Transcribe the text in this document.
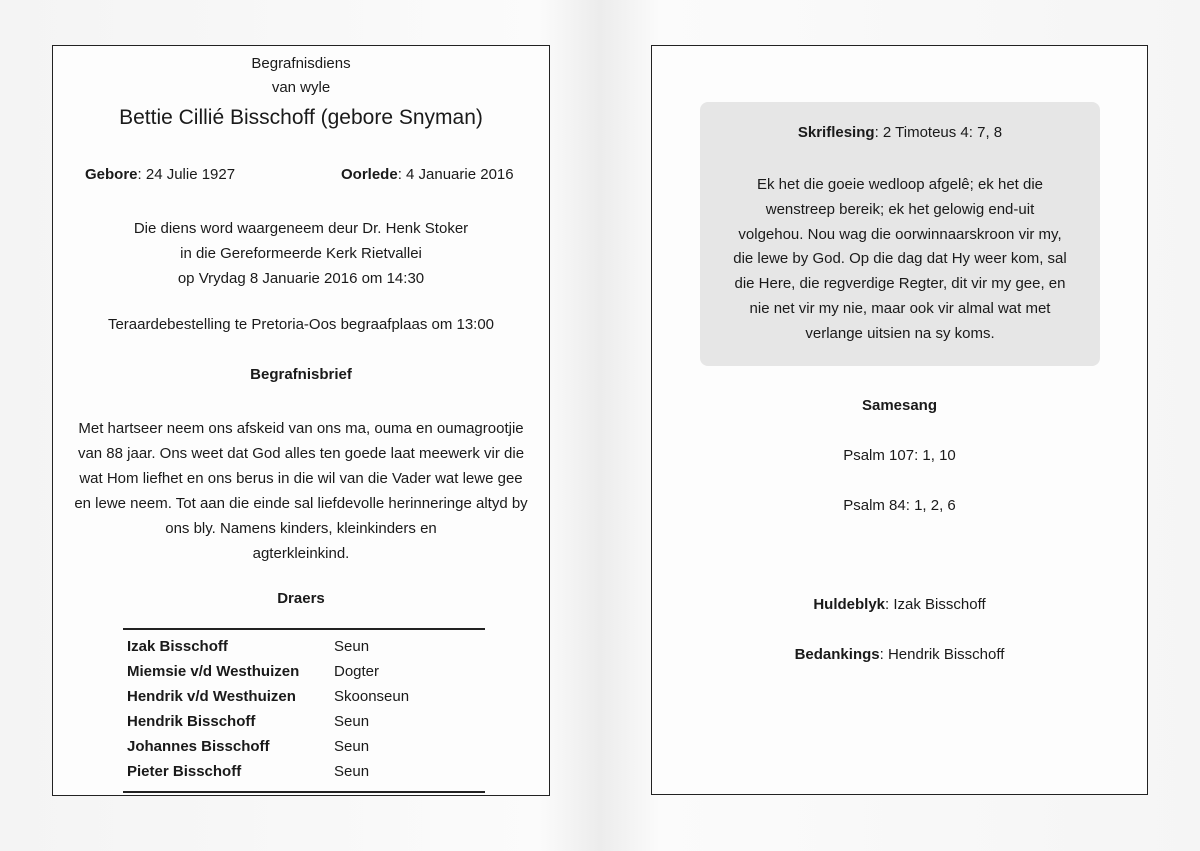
Begrafnisdiens
van wyle
Bettie Cillié Bisschoff (gebore Snyman)
Gebore: 24 Julie 1927	Oorlede: 4 Januarie 2016
Die diens word waargeneem deur Dr. Henk Stoker
in die Gereformeerde Kerk Rietvallei
op Vrydag 8 Januarie 2016 om 14:30
Teraardebestelling te Pretoria-Oos begraafplaas om 13:00
Begrafnisbrief
Met hartseer neem ons afskeid van ons ma, ouma en oumagrootjie
van 88 jaar. Ons weet dat God alles ten goede laat meewerk vir die
wat Hom liefhet en ons berus in die wil van die Vader wat lewe gee
en lewe neem. Tot aan die einde sal liefdevolle herinneringe altyd by
ons bly. Namens kinders, kleinkinders en
agterkleinkind.
Draers
Izak Bisschoff	Seun
Miemsie v/d Westhuizen	Dogter
Hendrik v/d Westhuizen	Skoonseun
Hendrik Bisschoff	Seun
Johannes Bisschoff	Seun
Pieter Bisschoff	Seun
Skriflesing: 2 Timoteus 4: 7, 8
Ek het die goeie wedloop afgelê; ek het die
wenstreep bereik; ek het gelowig end-uit
volgehou. Nou wag die oorwinnaarskroon vir my,
die lewe by God. Op die dag dat Hy weer kom, sal
die Here, die regverdige Regter, dit vir my gee, en
nie net vir my nie, maar ook vir almal wat met
verlange uitsien na sy koms.
Samesang
Psalm 107: 1, 10
Psalm 84: 1, 2, 6
Huldeblyk: Izak Bisschoff
Bedankings: Hendrik Bisschoff
